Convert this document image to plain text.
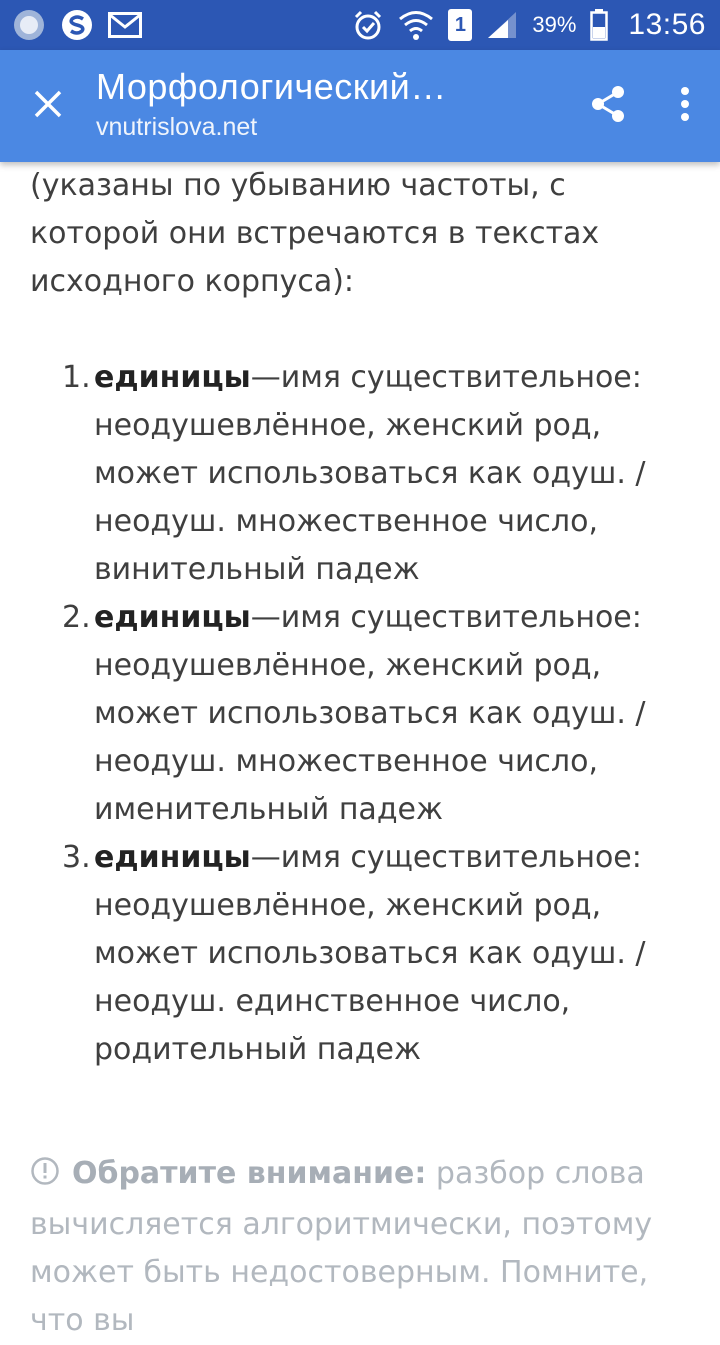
1	39% 13:56
Морфологический…
vnutrislova.net

(указаны по убыванию частоты, с которой они встречаются в текстах исходного корпуса):

1. единицы—имя существительное: неодушевлённое, женский род, может использоваться как одуш. / неодуш. множественное число, винительный падеж
2. единицы—имя существительное: неодушевлённое, женский род, может использоваться как одуш. / неодуш. множественное число, именительный падеж
3. единицы—имя существительное: неодушевлённое, женский род, может использоваться как одуш. / неодуш. единственное число, родительный падеж

Обратите внимание: разбор слова вычисляется алгоритмически, поэтому может быть недостоверным. Помните, что вы
